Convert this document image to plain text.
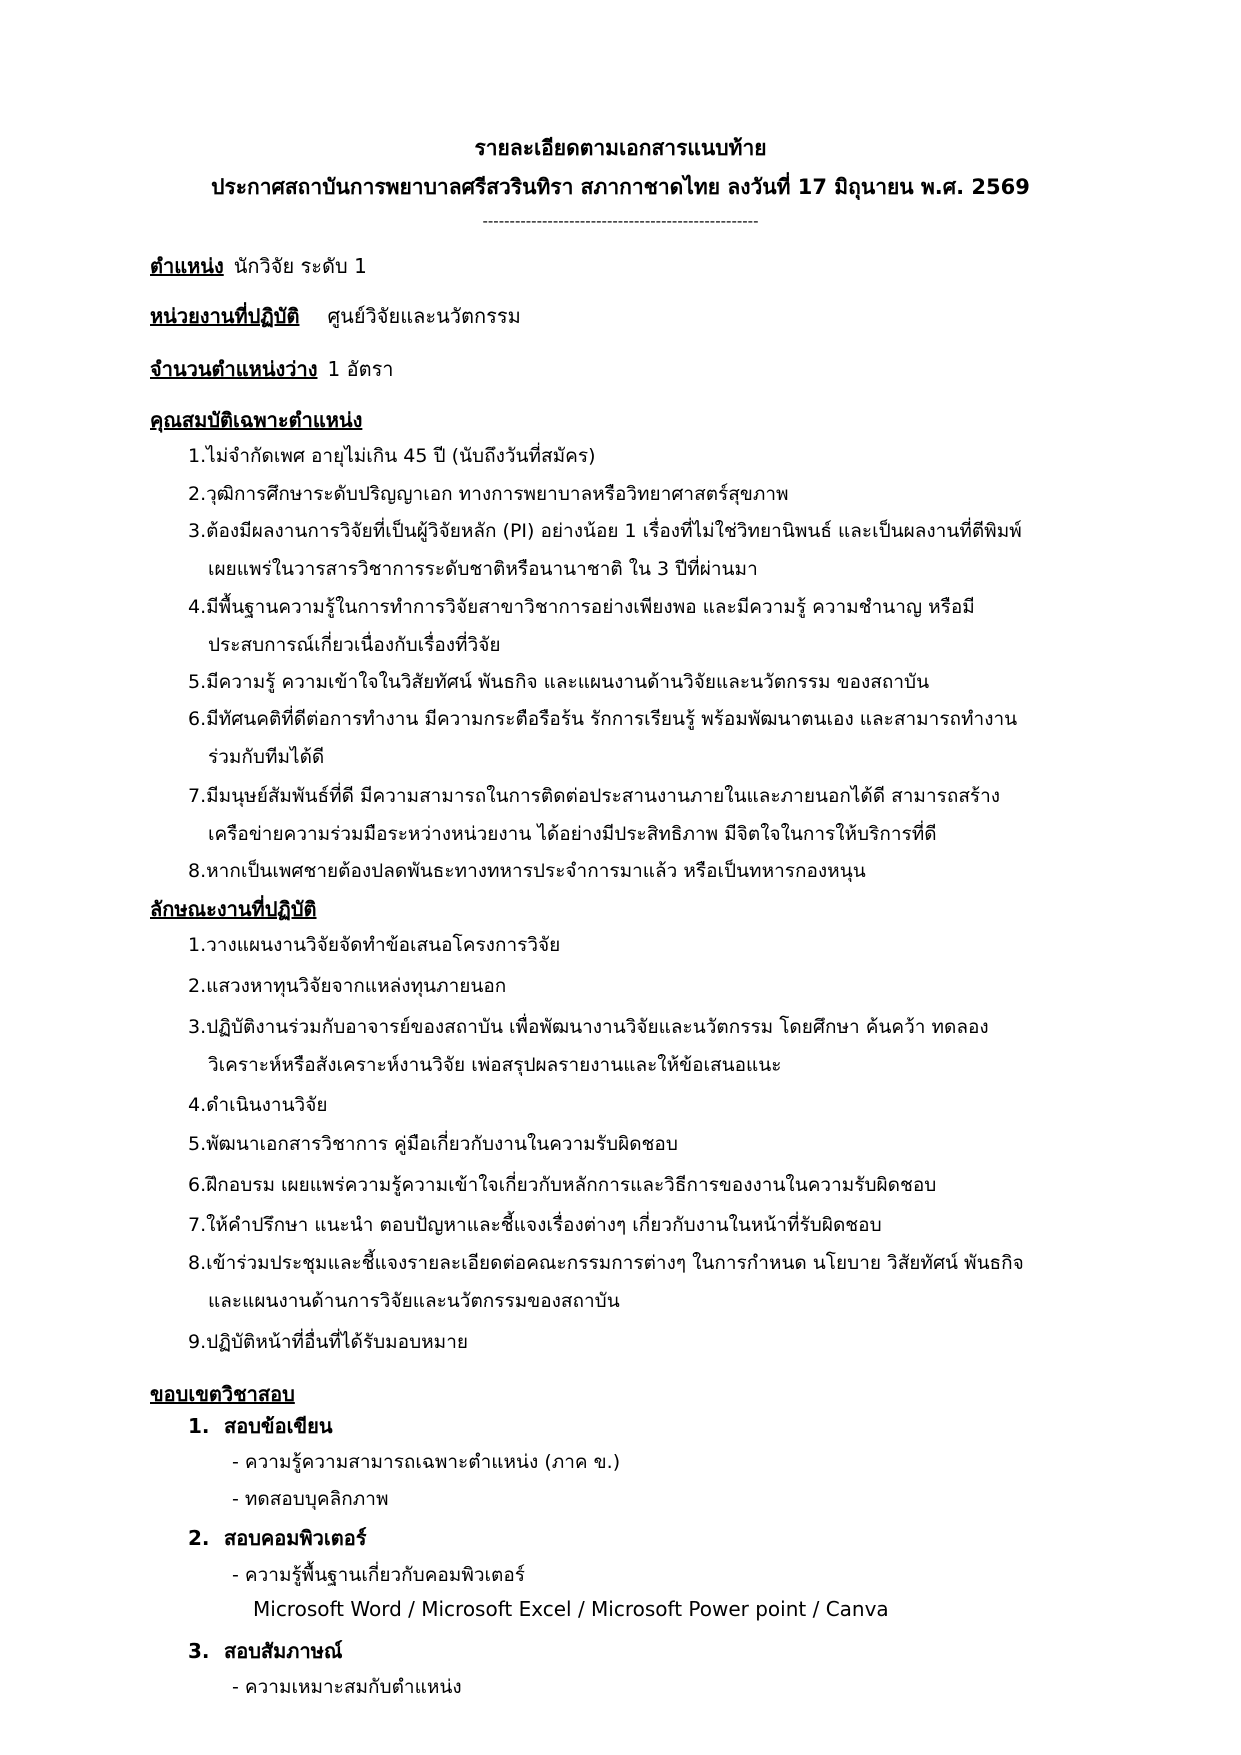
รายละเอียดตามเอกสารแนบท้าย
ประกาศสถาบันการพยาบาลศรีสวรินทิรา สภากาชาดไทย ลงวันที่ 17 มิถุนายน พ.ศ. 2569
---------------------------------------------------
ตำแหน่ง นักวิจัย ระดับ 1
หน่วยงานที่ปฏิบัติ ศูนย์วิจัยและนวัตกรรม
จำนวนตำแหน่งว่าง 1 อัตรา
คุณสมบัติเฉพาะตำแหน่ง
1.ไม่จำกัดเพศ อายุไม่เกิน 45 ปี (นับถึงวันที่สมัคร)
2.วุฒิการศึกษาระดับปริญญาเอก ทางการพยาบาลหรือวิทยาศาสตร์สุขภาพ
3.ต้องมีผลงานการวิจัยที่เป็นผู้วิจัยหลัก (PI) อย่างน้อย 1 เรื่องที่ไม่ใช่วิทยานิพนธ์ และเป็นผลงานที่ตีพิมพ์
เผยแพร่ในวารสารวิชาการระดับชาติหรือนานาชาติ ใน 3 ปีที่ผ่านมา
4.มีพื้นฐานความรู้ในการทำการวิจัยสาขาวิชาการอย่างเพียงพอ และมีความรู้ ความชำนาญ หรือมี
ประสบการณ์เกี่ยวเนื่องกับเรื่องที่วิจัย
5.มีความรู้ ความเข้าใจในวิสัยทัศน์ พันธกิจ และแผนงานด้านวิจัยและนวัตกรรม ของสถาบัน
6.มีทัศนคติที่ดีต่อการทำงาน มีความกระตือรือร้น รักการเรียนรู้ พร้อมพัฒนาตนเอง และสามารถทำงาน
ร่วมกับทีมได้ดี
7.มีมนุษย์สัมพันธ์ที่ดี มีความสามารถในการติดต่อประสานงานภายในและภายนอกได้ดี สามารถสร้าง
เครือข่ายความร่วมมือระหว่างหน่วยงาน ได้อย่างมีประสิทธิภาพ มีจิตใจในการให้บริการที่ดี
8.หากเป็นเพศชายต้องปลดพันธะทางทหารประจำการมาแล้ว หรือเป็นทหารกองหนุน
ลักษณะงานที่ปฏิบัติ
1.วางแผนงานวิจัยจัดทำข้อเสนอโครงการวิจัย
2.แสวงหาทุนวิจัยจากแหล่งทุนภายนอก
3.ปฏิบัติงานร่วมกับอาจารย์ของสถาบัน เพื่อพัฒนางานวิจัยและนวัตกรรม โดยศึกษา ค้นคว้า ทดลอง
วิเคราะห์หรือสังเคราะห์งานวิจัย เพ่อสรุปผลรายงานและให้ข้อเสนอแนะ
4.ดำเนินงานวิจัย
5.พัฒนาเอกสารวิชาการ คู่มือเกี่ยวกับงานในความรับผิดชอบ
6.ฝึกอบรม เผยแพร่ความรู้ความเข้าใจเกี่ยวกับหลักการและวิธีการของงานในความรับผิดชอบ
7.ให้คำปรึกษา แนะนำ ตอบปัญหาและชี้แจงเรื่องต่างๆ เกี่ยวกับงานในหน้าที่รับผิดชอบ
8.เข้าร่วมประชุมและชี้แจงรายละเอียดต่อคณะกรรมการต่างๆ ในการกำหนด นโยบาย วิสัยทัศน์ พันธกิจ
และแผนงานด้านการวิจัยและนวัตกรรมของสถาบัน
9.ปฏิบัติหน้าที่อื่นที่ได้รับมอบหมาย
ขอบเขตวิชาสอบ
1. สอบข้อเขียน
- ความรู้ความสามารถเฉพาะตำแหน่ง (ภาค ข.)
- ทดสอบบุคลิกภาพ
2. สอบคอมพิวเตอร์
- ความรู้พื้นฐานเกี่ยวกับคอมพิวเตอร์
Microsoft Word / Microsoft Excel / Microsoft Power point / Canva
3. สอบสัมภาษณ์
- ความเหมาะสมกับตำแหน่ง
